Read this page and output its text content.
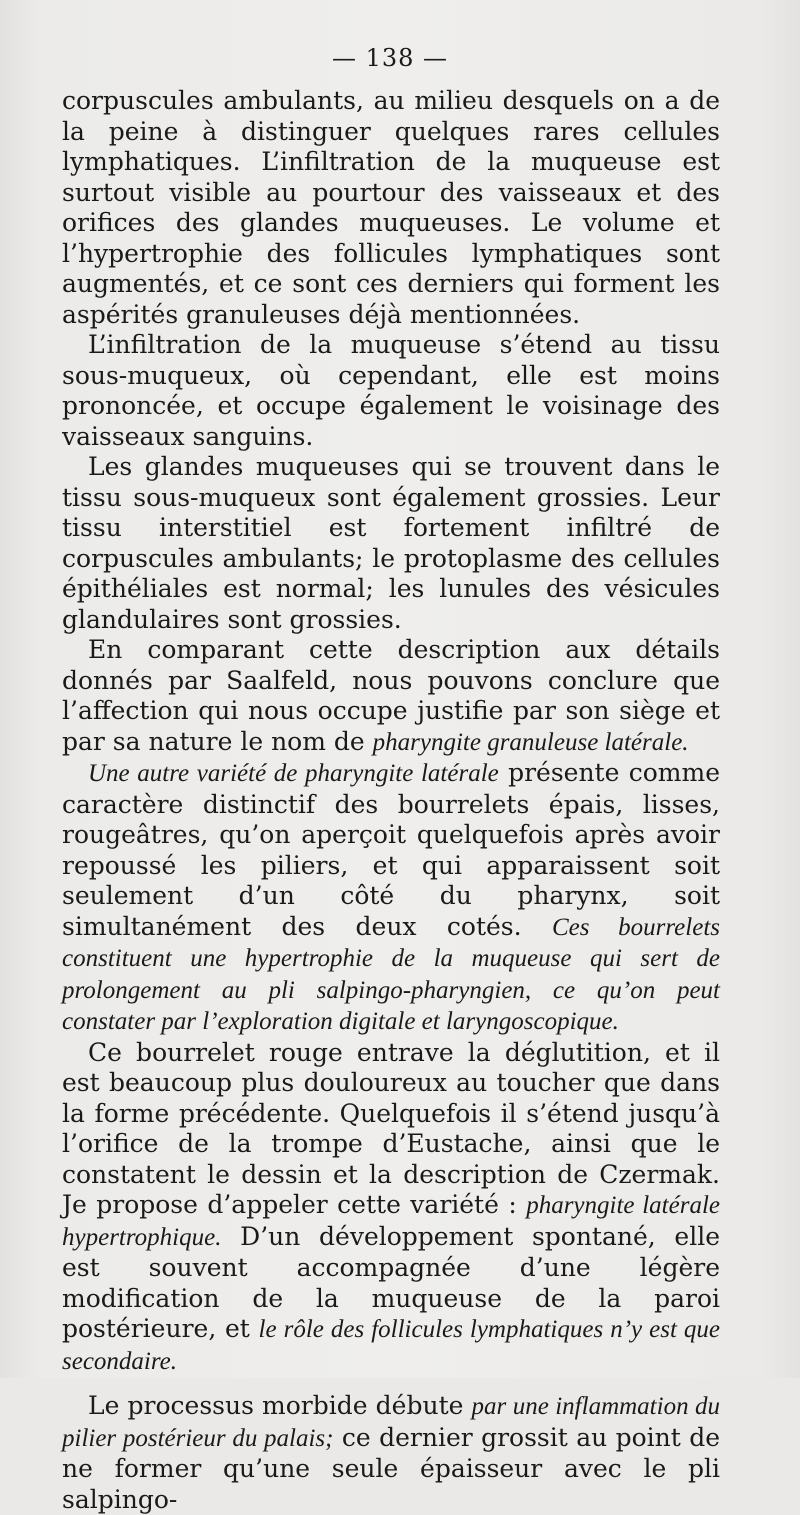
— 138 —

corpuscules ambulants, au milieu desquels on a de la peine à distinguer quelques rares cellules lymphatiques. L’infiltration de la muqueuse est surtout visible au pourtour des vaisseaux et des orifices des glandes muqueuses. Le volume et l’hypertrophie des follicules lymphatiques sont augmentés, et ce sont ces derniers qui forment les aspérités granuleuses déjà mentionnées.

L’infiltration de la muqueuse s’étend au tissu sous-muqueux, où cependant, elle est moins prononcée, et occupe également le voisinage des vaisseaux sanguins.

Les glandes muqueuses qui se trouvent dans le tissu sous-muqueux sont également grossies. Leur tissu interstitiel est fortement infiltré de corpuscules ambulants; le protoplasme des cellules épithéliales est normal; les lunules des vésicules glandulaires sont grossies.

En comparant cette description aux détails donnés par Saalfeld, nous pouvons conclure que l’affection qui nous occupe justifie par son siège et par sa nature le nom de pharyngite granuleuse latérale.

Une autre variété de pharyngite latérale présente comme caractère distinctif des bourrelets épais, lisses, rougeâtres, qu’on aperçoit quelquefois après avoir repoussé les piliers, et qui apparaissent soit seulement d’un côté du pharynx, soit simultanément des deux cotés. Ces bourrelets constituent une hypertrophie de la muqueuse qui sert de prolongement au pli salpingo-pharyngien, ce qu’on peut constater par l’exploration digitale et laryngoscopique.

Ce bourrelet rouge entrave la déglutition, et il est beaucoup plus douloureux au toucher que dans la forme précédente. Quelquefois il s’étend jusqu’à l’orifice de la trompe d’Eustache, ainsi que le constatent le dessin et la description de Czermak. Je propose d’appeler cette variété : pharyngite latérale hypertrophique. D’un développement spontané, elle est souvent accompagnée d’une légère modification de la muqueuse de la paroi postérieure, et le rôle des follicules lymphatiques n’y est que secondaire.

Le processus morbide débute par une inflammation du pilier postérieur du palais; ce dernier grossit au point de ne former qu’une seule épaisseur avec le pli salpingo-
